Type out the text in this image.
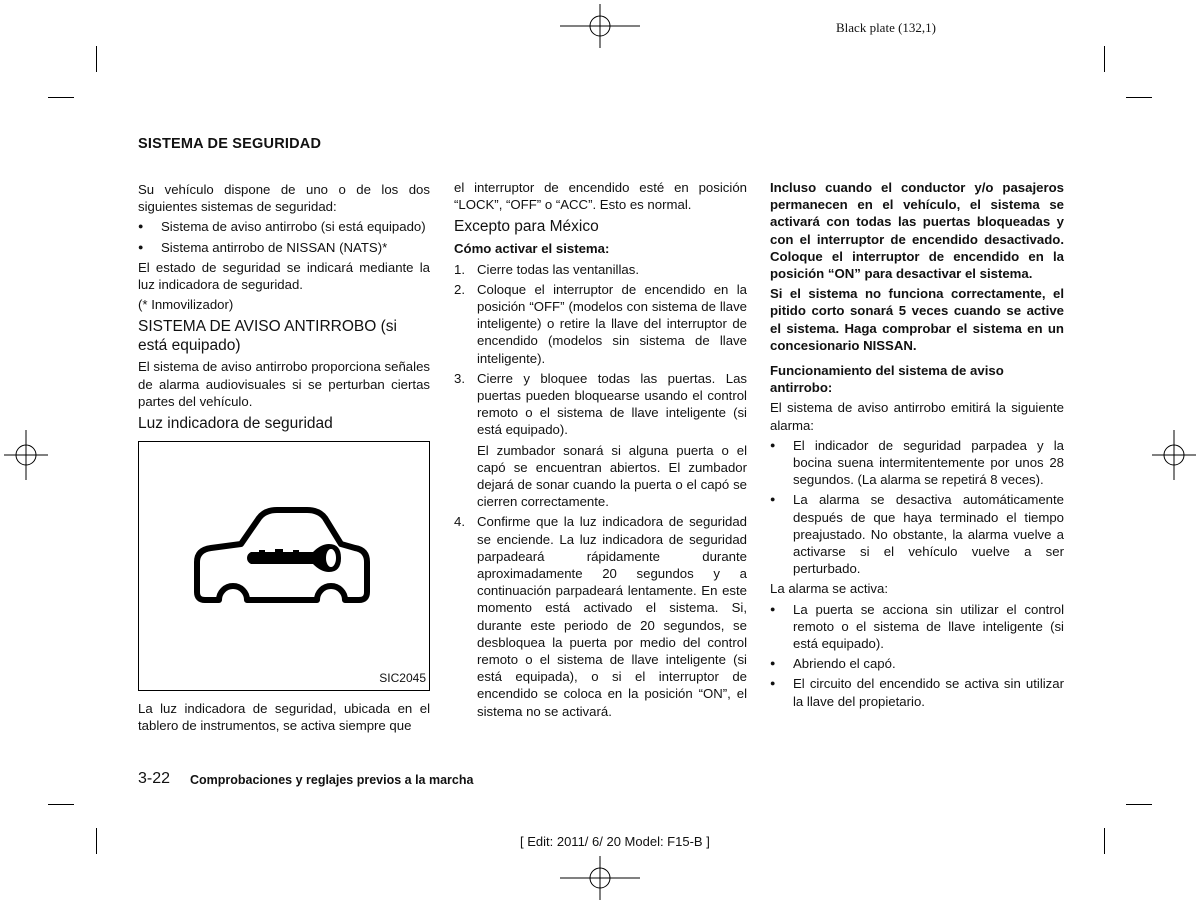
Black plate (132,1)
SISTEMA DE SEGURIDAD

Su vehículo dispone de uno o de los dos siguientes sistemas de seguridad:

● Sistema de aviso antirrobo (si está equipado)
● Sistema antirrobo de NISSAN (NATS)*

El estado de seguridad se indicará mediante la luz indicadora de seguridad.

(* Inmovilizador)

SISTEMA DE AVISO ANTIRROBO (si está equipado)

El sistema de aviso antirrobo proporciona señales de alarma audiovisuales si se perturban ciertas partes del vehículo.

Luz indicadora de seguridad
SIC2045

La luz indicadora de seguridad, ubicada en el tablero de instrumentos, se activa siempre que

el interruptor de encendido esté en posición “LOCK”, “OFF” o “ACC”. Esto es normal.

Excepto para México
Cómo activar el sistema:
1. Cierre todas las ventanillas.
2. Coloque el interruptor de encendido en la posición “OFF” (modelos con sistema de llave inteligente) o retire la llave del interruptor de encendido (modelos sin sistema de llave inteligente).
3. Cierre y bloquee todas las puertas. Las puertas pueden bloquearse usando el control remoto o el sistema de llave inteligente (si está equipado).

El zumbador sonará si alguna puerta o el capó se encuentran abiertos. El zumbador dejará de sonar cuando la puerta o el capó se cierren correctamente.

4. Confirme que la luz indicadora de seguridad se enciende. La luz indicadora de seguridad parpadeará rápidamente durante aproximadamente 20 segundos y a continuación parpadeará lentamente. En este momento está activado el sistema. Si, durante este periodo de 20 segundos, se desbloquea la puerta por medio del control remoto o el sistema de llave inteligente (si está equipada), o si el interruptor de encendido se coloca en la posición “ON”, el sistema no se activará.

Incluso cuando el conductor y/o pasajeros permanecen en el vehículo, el sistema se activará con todas las puertas bloqueadas y con el interruptor de encendido desactivado. Coloque el interruptor de encendido en la posición “ON” para desactivar el sistema.

Si el sistema no funciona correctamente, el pitido corto sonará 5 veces cuando se active el sistema. Haga comprobar el sistema en un concesionario NISSAN.

Funcionamiento del sistema de aviso antirrobo:

El sistema de aviso antirrobo emitirá la siguiente alarma:

● El indicador de seguridad parpadea y la bocina suena intermitentemente por unos 28 segundos. (La alarma se repetirá 8 veces).
● La alarma se desactiva automáticamente después de que haya terminado el tiempo preajustado. No obstante, la alarma vuelve a activarse si el vehículo vuelve a ser perturbado.

La alarma se activa:

● La puerta se acciona sin utilizar el control remoto o el sistema de llave inteligente (si está equipado).
● Abriendo el capó.
● El circuito del encendido se activa sin utilizar la llave del propietario.
3-22 Comprobaciones y reglajes previos a la marcha
[ Edit: 2011/ 6/ 20 Model: F15-B ]
